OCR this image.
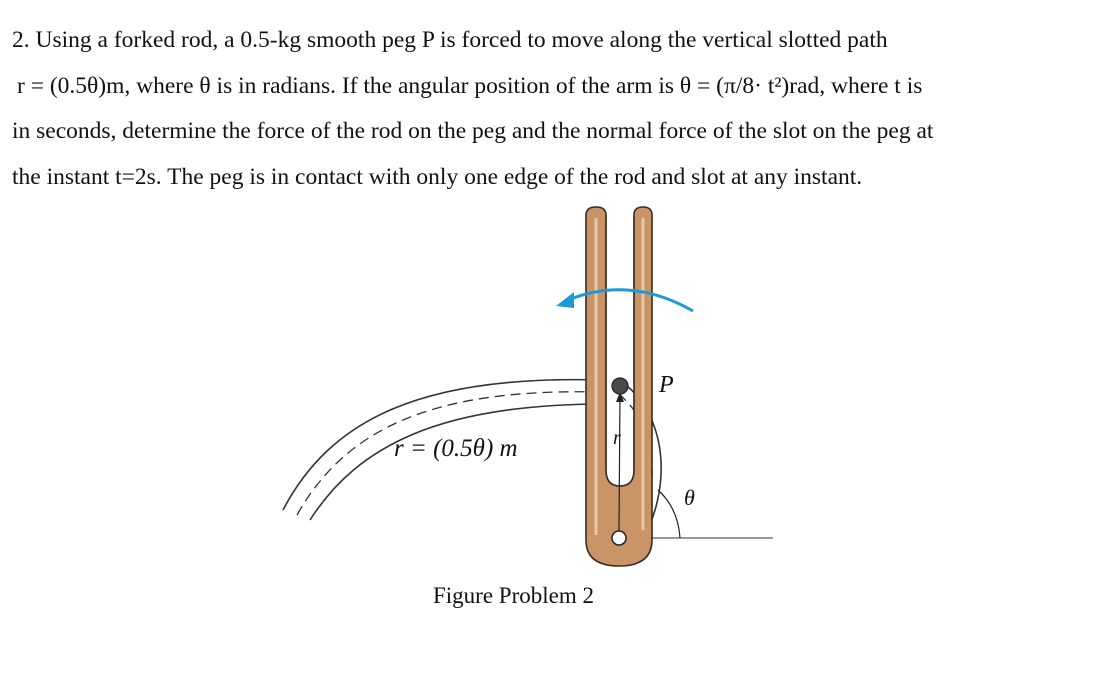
2. Using a forked rod, a 0.5-kg smooth peg P is forced to move along the vertical slotted path

r = (0.5θ)m, where θ is in radians. If the angular position of the arm is θ = (π/8· t²)rad, where t is

in seconds, determine the force of the rod on the peg and the normal force of the slot on the peg at

the instant t=2s. The peg is in contact with only one edge of the rod and slot at any instant.

r = (0.5θ) m
P
r
θ
Figure Problem 2
